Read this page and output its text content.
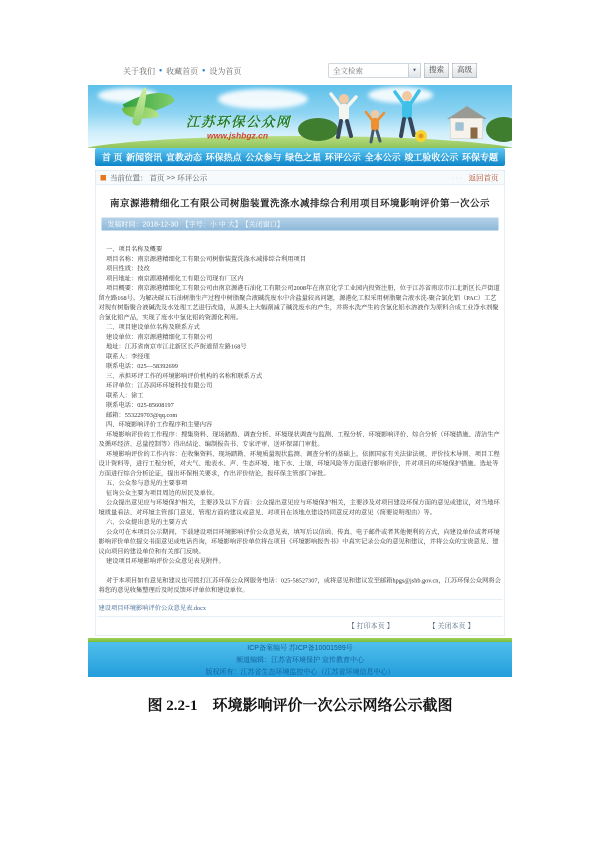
关于我们 • 收藏首页 • 设为首页	全文检索	▾ 搜索 高级
江苏环保公众网
www.jshbgz.cn
首 页 新闻资讯 宣教动态 环保热点 公众参与 绿色之星 环评公示 全本公示 竣工验收公示 环保专题
当前位置： 首页 >> 环评公示	··· 返回首页
南京源港精细化工有限公司树脂装置洗涤水减排综合利用项目环境影响评价第一次公示
发稿时间：2018-12-30　【字号：小 中 大】　【关闭窗口】

一、项目名称及概要

项目名称：南京源港精细化工有限公司树脂装置洗涤水减排综合利用项目

项目性质：技改

项目地址：南京源港精细化工有限公司现有厂区内

项目概要：南京源港精细化工有限公司由南京源港石油化工有限公司2008年在南京化学工业园内投资注册，位于江苏省南京市江北新区长芦街道留左路168号。为解决碳五石油树脂生产过程中树脂聚合液碱洗废水中含盐量较高问题，源港化工拟采用树脂聚合液水洗-聚合氯化铝（PAC）工艺对现有树脂聚合液碱洗及水处理工艺进行改造，从源头上大幅削减了碱洗废水的产生，并将水洗产生的含氯化铝水溶液作为原料合成工业净水剂聚合氯化铝产品，实现了废水中氯化铝的资源化利用。

二、项目建设单位名称及联系方式

建设单位：南京源港精细化工有限公司

地址：江苏省南京市江北新区长芦街道留左路168号

联系人：李经理

联系电话：025—58392699

三、承担环评工作的环境影响评价机构的名称和联系方式

环评单位：江苏润环环境科技有限公司

联系人：徐工

联系电话：025-85608197

邮箱：553229703@qq.com

四、环境影响评价工作程序和主要内容

环境影响评价的工作程序：搜集资料、现场踏勘、调查分析、环境现状调查与监测、工程分析、环境影响评价、综合分析（环境措施、清洁生产及循环经济、总量控制等）得出结论、编制报告书、专家评审、送环保部门审批。

环境影响评价的工作内容：在收集资料、现场踏勘、环境质量现状监测、调查分析的基础上，依据国家有关法律法规、评价技术导则、项目工程设计资料等，进行工程分析，对大气、地表水、声、生态环境、地下水、土壤、环境风险等方面进行影响评价，并对项目的环境保护措施、选址等方面进行综合分析论证，提出环保相关要求，作出评价结论，报环保主管部门审批。

五、公众参与意见的主要事项

征询公众主要为项目周边的居民及单位。

公众提出意见应与环境保护相关，主要涉及以下方面：公众提出意见应与环境保护相关，主要涉及对项目建设环保方面的意见或建议，对当地环境质量看法、对环境主管部门意见、管理方面的建议或意见、对项目在该地点建设持同意反对的意见（简要说明理由）等。

六、公众提出意见的主要方式

公众可在本项目公示期间，下载建设项目环境影响评价公众意见表，填写后以信函、传真、电子邮件或者其他便利的方式，向建设单位或者环境影响评价单位提交书面意见或电话咨询，环境影响评价单位将在项目《环境影响报告书》中真实记录公众的意见和建议，并将公众的宝贵意见、建议向项目的建设单位和有关部门反映。

建设项目环境影响评价公众意见表见附件。

对于本项目如有意见和建议也可拨打江苏环保公众网服务电话：025-58527307，或将意见和建议发至邮箱hpgs@jshb.gov.cn，江苏环保公众网将会将您的意见收集整理后及时反馈环评单位和建设单位。

建设项目环境影响评价公众意见表.docx
【 打印本页 】	【 关闭本页 】
ICP备案编号 苏ICP备10001599号
频道编辑：江苏省环境保护 宣传教育中心
版权所有：江苏省生态环境监控中心（江苏省环境信息中心）
图 2.2-1　环境影响评价一次公示网络公示截图
